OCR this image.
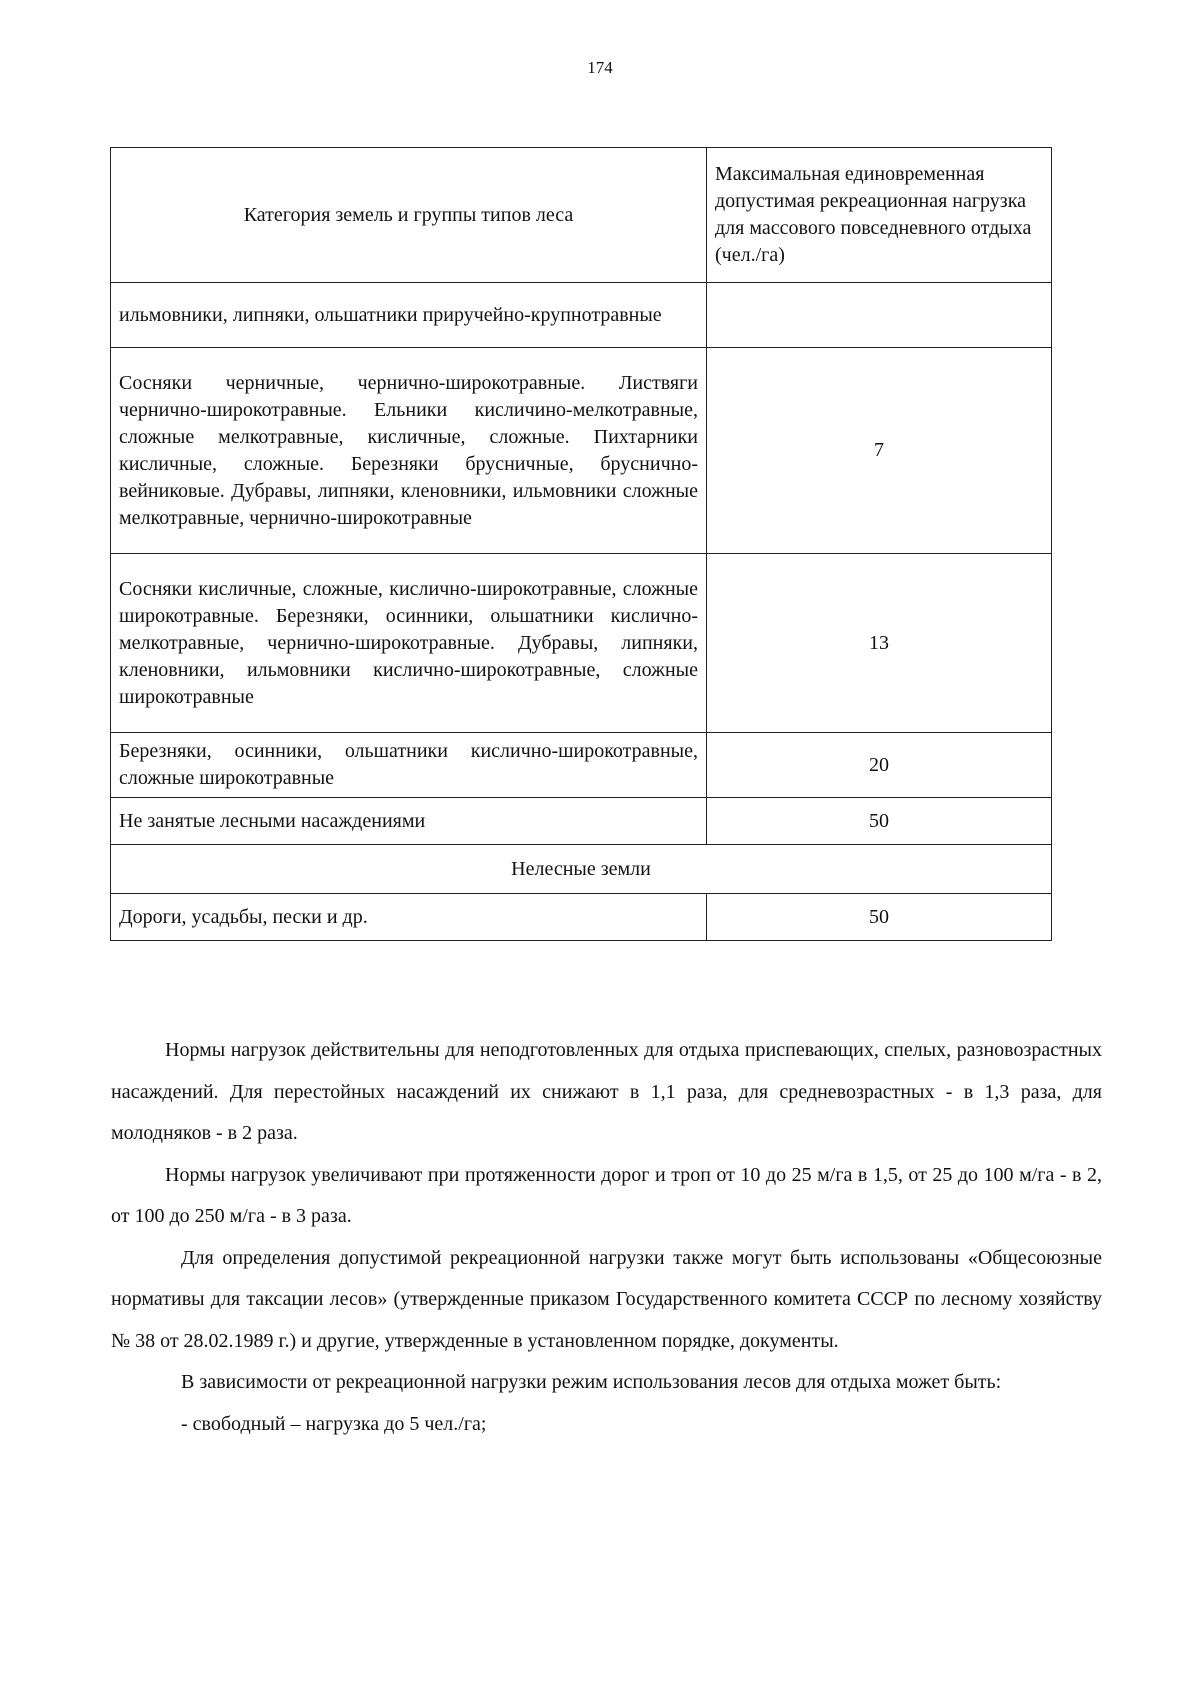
174
Категория земель и группы типов леса	Максимальная единовременная допустимая рекреационная нагрузка для массового повседневного отдыха (чел./га)
ильмовники, липняки, ольшатники приручейно-крупнотравные	
Сосняки черничные, чернично-широкотравные. Листвяги чернично-широкотравные. Ельники кисличино-мелкотравные, сложные мелкотравные, кисличные, сложные. Пихтарники кисличные, сложные. Березняки брусничные, бруснично-вейниковые. Дубравы, липняки, кленовники, ильмовники сложные мелкотравные, чернично-широкотравные	7
Сосняки кисличные, сложные, кислично-широкотравные, сложные широкотравные. Березняки, осинники, ольшатники кислично-мелкотравные, чернично-широкотравные. Дубравы, липняки, кленовники, ильмовники кислично-широкотравные, сложные широкотравные	13
Березняки, осинники, ольшатники кислично-широкотравные, сложные широкотравные	20
Не занятые лесными насаждениями	50
Нелесные земли	
Дороги, усадьбы, пески и др.	50

Нормы нагрузок действительны для неподготовленных для отдыха приспевающих, спелых, разновозрастных насаждений. Для перестойных насаждений их снижают в 1,1 раза, для средневозрастных - в 1,3 раза, для молодняков - в 2 раза.

Нормы нагрузок увеличивают при протяженности дорог и троп от 10 до 25 м/га в 1,5, от 25 до 100 м/га - в 2, от 100 до 250 м/га - в 3 раза.

Для определения допустимой рекреационной нагрузки также могут быть использованы «Общесоюзные нормативы для таксации лесов» (утвержденные приказом Государственного комитета СССР по лесному хозяйству № 38 от 28.02.1989 г.) и другие, утвержденные в установленном порядке, документы.

В зависимости от рекреационной нагрузки режим использования лесов для отдыха может быть:

- свободный – нагрузка до 5 чел./га;
